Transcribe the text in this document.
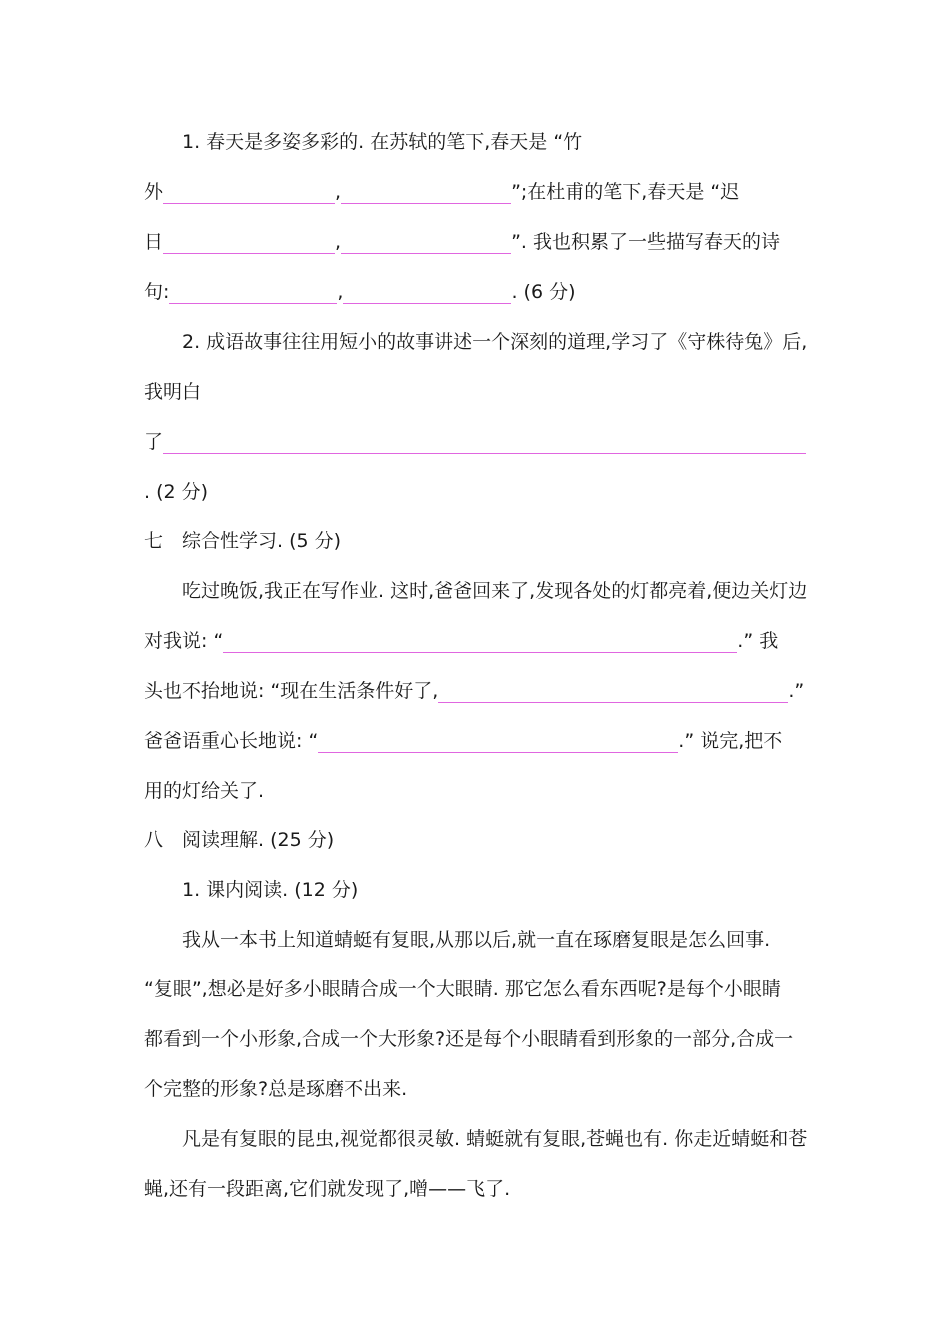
1. 春天是多姿多彩的. 在苏轼的笔下,春天是 “竹
外	,	”;在杜甫的笔下,春天是 “迟
日	,	”. 我也积累了一些描写春天的诗
句:	,	. (6 分)
2. 成语故事往往用短小的故事讲述一个深刻的道理,学习了《守株待兔》后,
我明白
了
. (2 分)
七　综合性学习. (5 分)
吃过晚饭,我正在写作业. 这时,爸爸回来了,发现各处的灯都亮着,便边关灯边
对我说: “	.” 我
头也不抬地说: “现在生活条件好了,	.”
爸爸语重心长地说: “	.” 说完,把不
用的灯给关了.
八　阅读理解. (25 分)
1. 课内阅读. (12 分)
我从一本书上知道蜻蜓有复眼,从那以后,就一直在琢磨复眼是怎么回事.
“复眼”,想必是好多小眼睛合成一个大眼睛. 那它怎么看东西呢?是每个小眼睛
都看到一个小形象,合成一个大形象?还是每个小眼睛看到形象的一部分,合成一
个完整的形象?总是琢磨不出来.
凡是有复眼的昆虫,视觉都很灵敏. 蜻蜓就有复眼,苍蝇也有. 你走近蜻蜓和苍
蝇,还有一段距离,它们就发现了,噌——飞了.
